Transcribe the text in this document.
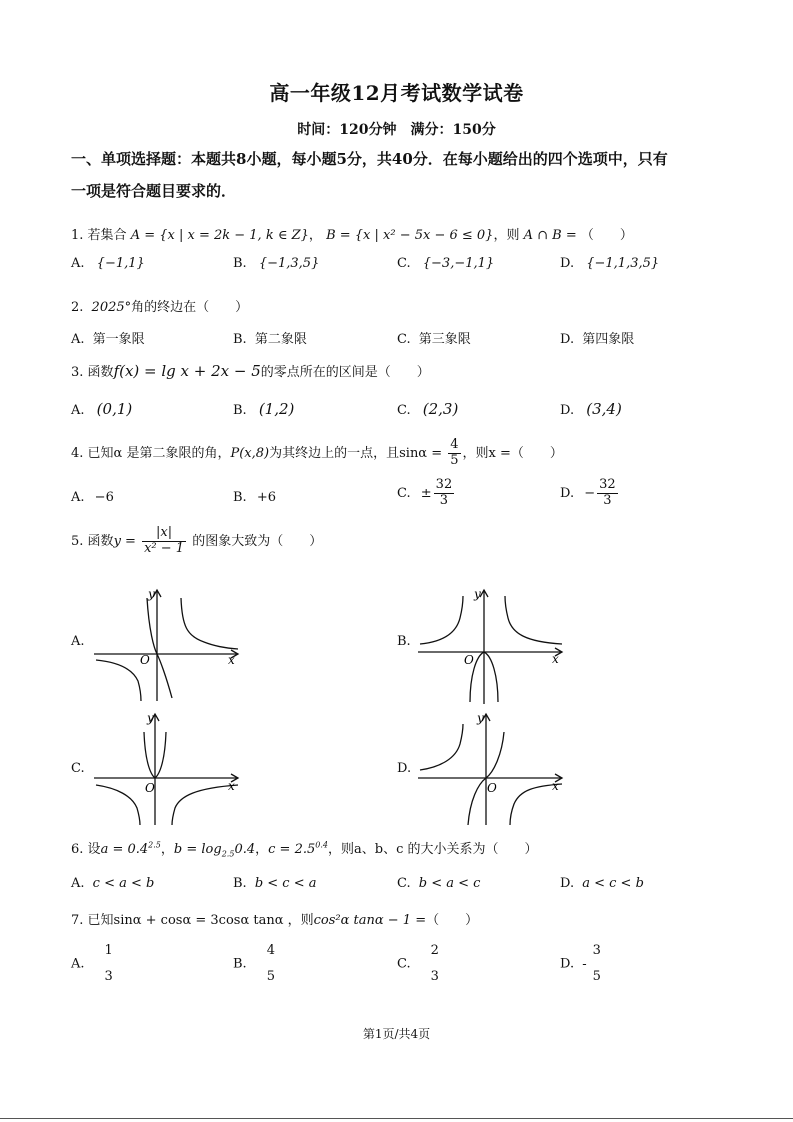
高一年级12月考试数学试卷
时间：120分钟　满分：150分
一、单项选择题：本题共8小题，每小题5分，共40分．在每小题给出的四个选项中，只有
一项是符合题目要求的．
1. 若集合 A = {x | x = 2k − 1, k ∈ Z}， B = {x | x² − 5x − 6 ≤ 0}，则 A ∩ B = （　　）
A. {−1,1}	B. {−1,3,5}	C. {−3,−1,1}	D. {−1,1,3,5}
2. 2025°角的终边在（　　）
A. 第一象限	B. 第二象限	C. 第三象限	D. 第四象限
3. 函数f(x) = lg x + 2x − 5的零点所在的区间是（　　）
A. (0,1)	B. (1,2)	C. (2,3)	D. (3,4)
4. 已知α 是第二象限的角，P(x,8)为其终边上的一点，且$\sin\alpha = \frac{4}{5}$ ，则x =（　　）
A. −6	B. +6	C. ± $\frac{32}{3}$	D. − $\frac{32}{3}$
5. 函数$y = \frac{|x|}{\text{x² − 1}}$ 的图象大致为（　　）
A.	B.
C.	D.
y
x
O
y
x
O
y
x
O
y
x
O
6. 设$a = 0.4^{2.5}$，$b = \log_{2.5}0.4$，$c = 2.5^{0.4}$，则a、b、c 的大小关系为（　　）
A. c < a < b	B. b < c < a	C. b < a < c	D. a < c < b
7. 已知sinα + cosα = 3cosα tanα ，则cos²α tanα − 1 =（　　）
A.1
3
B.4
5
C.2
3
D. -3
5
第1页/共4页
